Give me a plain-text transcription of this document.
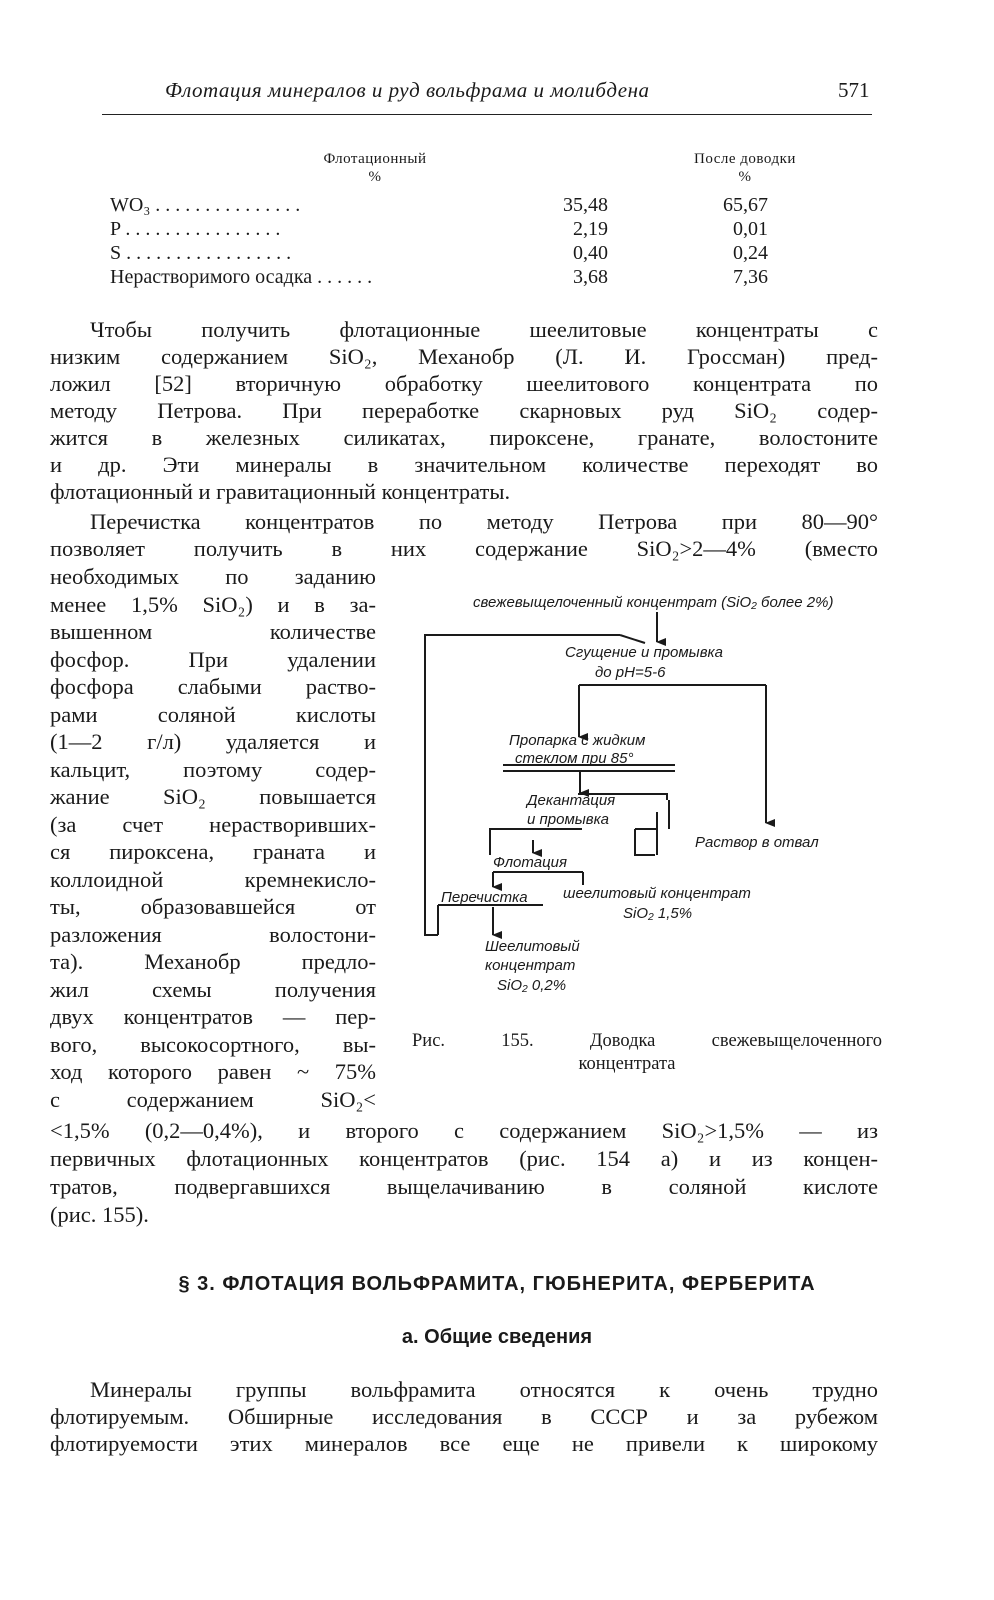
Флотация минералов и руд вольфрама и молибдена	571
Флотационный
%
После доводки
%
WO₃ . . . . . . . . . . . . . . .	35,48	65,67
P . . . . . . . . . . . . . . . .	2,19	0,01
S . . . . . . . . . . . . . . . . .	0,40	0,24
Нерастворимого осадка . . . . . .	3,68	7,36
Чтобы получить флотационные шеелитовые концентраты с
низким содержанием SiO₂, Механобр (Л. И. Гроссман) пред-
ложил [52] вторичную обработку шеелитового концентрата по
методу Петрова. При переработке скарновых руд SiO₂ содер-
жится в железных силикатах, пироксене, гранате, волостоните
и др. Эти минералы в значительном количестве переходят во
флотационный и гравитационный концентраты.
Перечистка концентратов по методу Петрова при 80—90°
позволяет получить в них содержание SiO₂>2—4% (вместо
необходимых по заданию
менее 1,5% SiO₂) и в за-
вышенном количестве
фосфор. При удалении
фосфора слабыми раство-
рами соляной кислоты
(1—2 г/л) удаляется и
кальцит, поэтому содер-
жание SiO₂ повышается
(за счет нерастворивших-
ся пироксена, граната и
коллоидной кремнекисло-
ты, образовавшейся от
разложения волостони-
та). Механобр предло-
жил схемы получения
двух концентратов — пер-
вого, высокосортного, вы-
ход которого равен ~ 75%
с содержанием SiO₂<
<1,5% (0,2—0,4%), и второго с содержанием SiO₂>1,5% — из
первичных флотационных концентратов (рис. 154 а) и из концен-
тратов, подвергавшихся выщелачиванию в соляной кислоте
(рис. 155).
свежевыщелоченный концентрат (SiO₂ более 2%)
Сгущение и промывка
до pH=5-6
Пропарка с жидким
стеклом при 85°
Декантация
и промывка
Раствор в отвал
Флотация
Перечистка шеелитовый концентрат
SiO₂ 1,5%
Шеелитовый
концентрат
SiO₂ 0,2%
Рис. 155. Доводка свежевыщелоченного
концентрата
§ 3. ФЛОТАЦИЯ ВОЛЬФРАМИТА, ГЮБНЕРИТА, ФЕРБЕРИТА
а. Общие сведения
Минералы группы вольфрамита относятся к очень трудно
флотируемым. Обширные исследования в СССР и за рубежом
флотируемости этих минералов все еще не привели к широкому
